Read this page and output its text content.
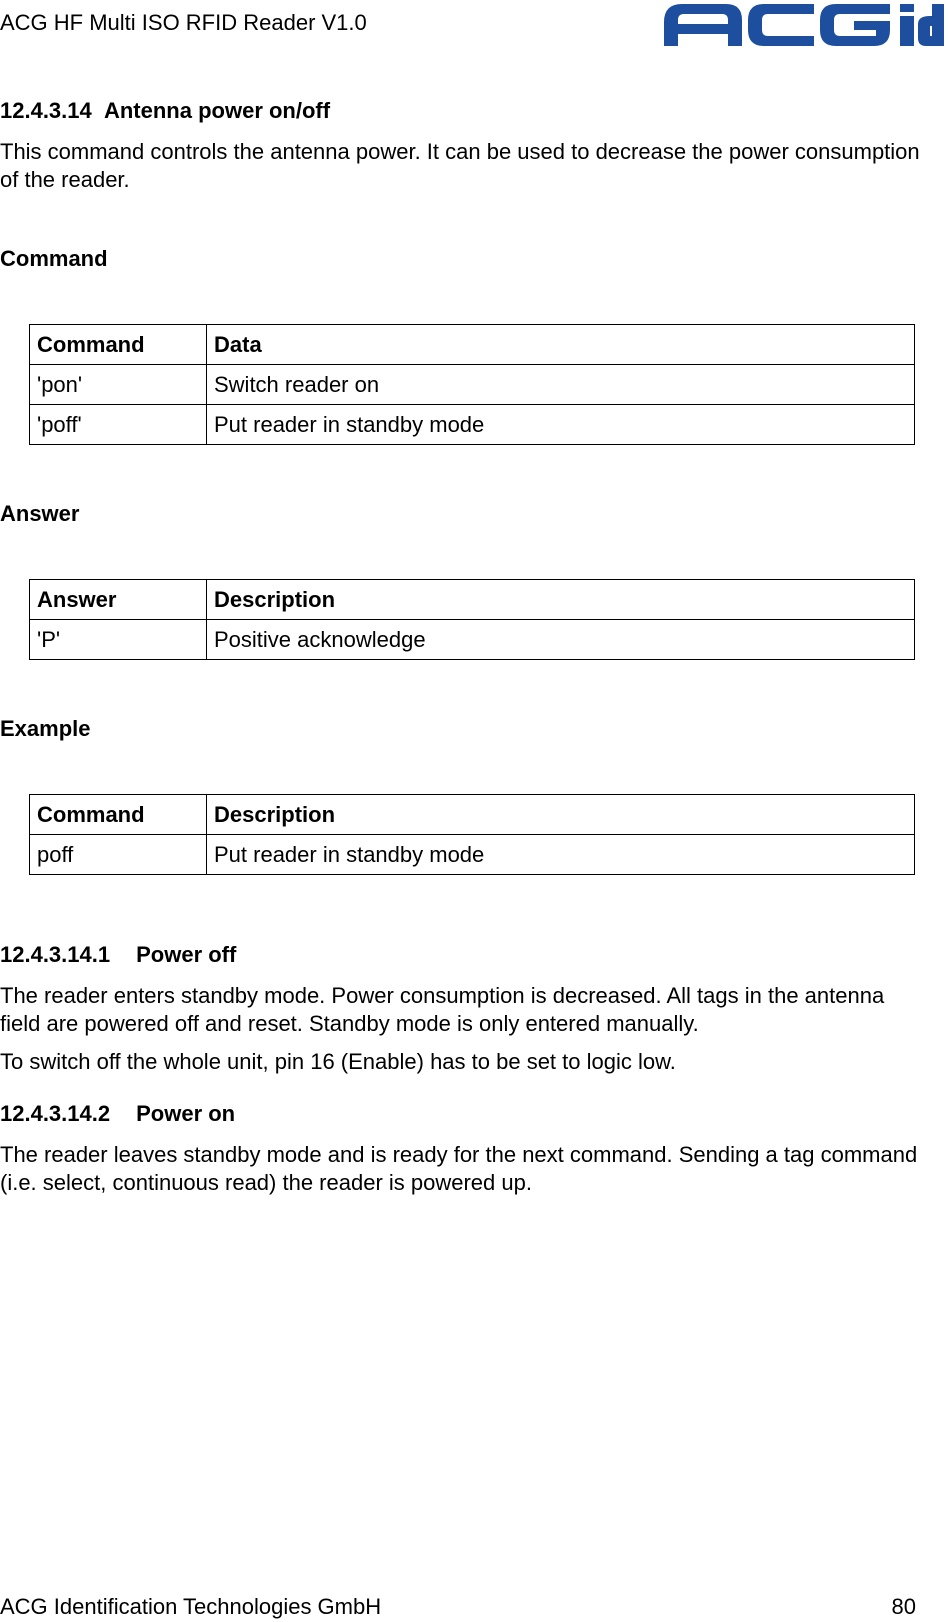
ACG HF Multi ISO RFID Reader V1.0
12.4.3.14 Antenna power on/off
This command controls the antenna power. It can be used to decrease the power consumption of the reader.
Command
Command	Data
'pon'	Switch reader on
'poff'	Put reader in standby mode
Answer
Answer	Description
'P'	Positive acknowledge
Example
Command	Description
poff	Put reader in standby mode
12.4.3.14.1 Power off
The reader enters standby mode. Power consumption is decreased. All tags in the antenna field are powered off and reset. Standby mode is only entered manually.
To switch off the whole unit, pin 16 (Enable) has to be set to logic low.
12.4.3.14.2 Power on
The reader leaves standby mode and is ready for the next command. Sending a tag command (i.e. select, continuous read) the reader is powered up.
ACG Identification Technologies GmbH	80
